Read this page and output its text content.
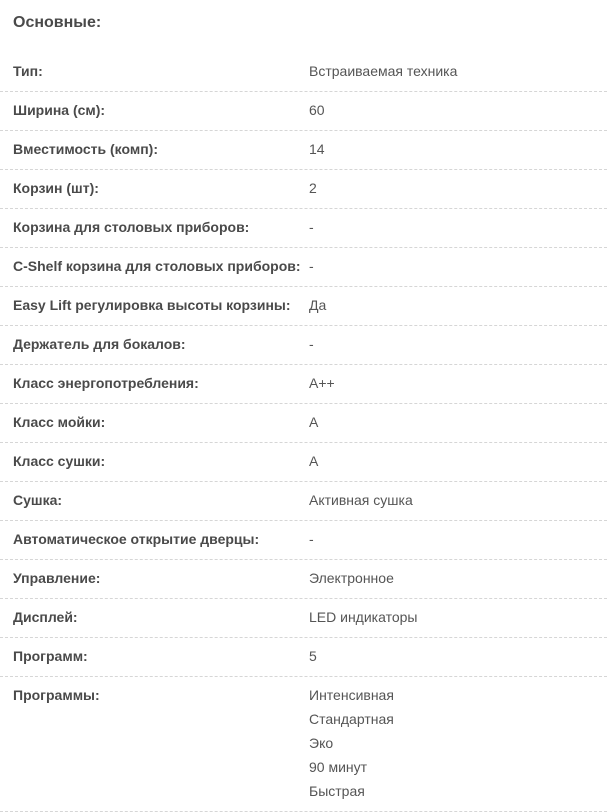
Основные:
Тип:	Встраиваемая техника
Ширина (см):	60
Вместимость (комп):	14
Корзин (шт):	2
Корзина для столовых приборов:	-
C-Shelf корзина для столовых приборов: -
Easy Lift регулировка высоты корзины:	Да
Держатель для бокалов:	-
Класс энергопотребления:	A++
Класс мойки:	A
Класс сушки:	A
Сушка:	Активная сушка
Автоматическое открытие дверцы:	-
Управление:	Электронное
Дисплей:	LED индикаторы
Программ:	5
Программы:	Интенсивная
Стандартная
Эко
90 минут
Быстрая
